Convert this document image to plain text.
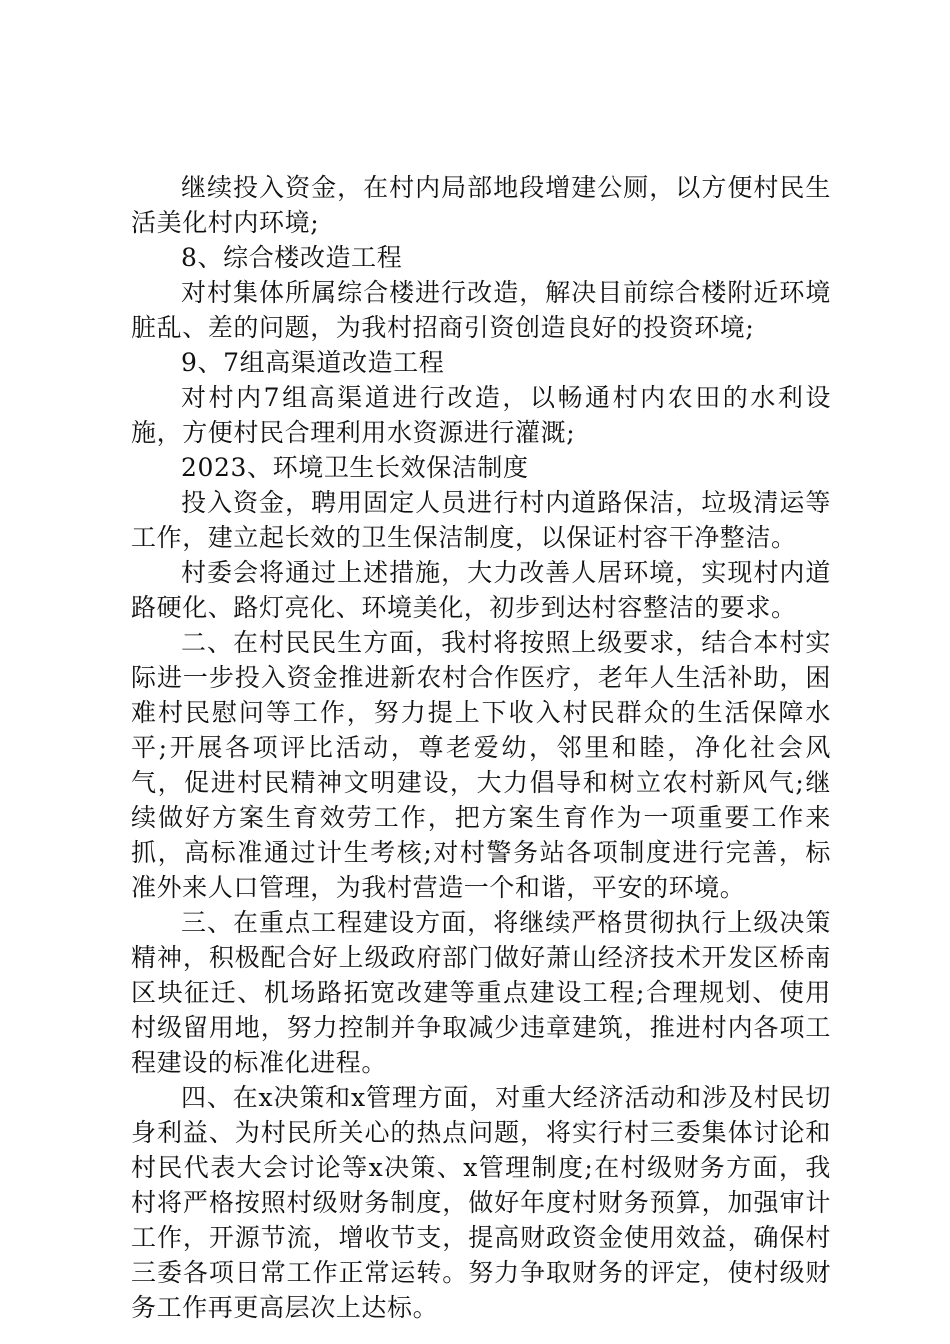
继续投入资金，在村内局部地段增建公厕，以方便村民生活美化村内环境;

8、综合楼改造工程

对村集体所属综合楼进行改造，解决目前综合楼附近环境脏乱、差的问题，为我村招商引资创造良好的投资环境;

9、7组高渠道改造工程

对村内7组高渠道进行改造，以畅通村内农田的水利设施，方便村民合理利用水资源进行灌溉;

2023、环境卫生长效保洁制度

投入资金，聘用固定人员进行村内道路保洁，垃圾清运等工作，建立起长效的卫生保洁制度，以保证村容干净整洁。

村委会将通过上述措施，大力改善人居环境，实现村内道路硬化、路灯亮化、环境美化，初步到达村容整洁的要求。

二、在村民民生方面，我村将按照上级要求，结合本村实际进一步投入资金推进新农村合作医疗，老年人生活补助，困难村民慰问等工作，努力提上下收入村民群众的生活保障水平;开展各项评比活动，尊老爱幼，邻里和睦，净化社会风气，促进村民精神文明建设，大力倡导和树立农村新风气;继续做好方案生育效劳工作，把方案生育作为一项重要工作来抓，高标准通过计生考核;对村警务站各项制度进行完善，标准外来人口管理，为我村营造一个和谐，平安的环境。

三、在重点工程建设方面，将继续严格贯彻执行上级决策精神，积极配合好上级政府部门做好萧山经济技术开发区桥南区块征迁、机场路拓宽改建等重点建设工程;合理规划、使用村级留用地，努力控制并争取减少违章建筑，推进村内各项工程建设的标准化进程。

四、在x决策和x管理方面，对重大经济活动和涉及村民切身利益、为村民所关心的热点问题，将实行村三委集体讨论和村民代表大会讨论等x决策、x管理制度;在村级财务方面，我村将严格按照村级财务制度，做好年度村财务预算，加强审计工作，开源节流，增收节支，提高财政资金使用效益，确保村三委各项日常工作正常运转。努力争取财务的评定，使村级财务工作再更高层次上达标。
